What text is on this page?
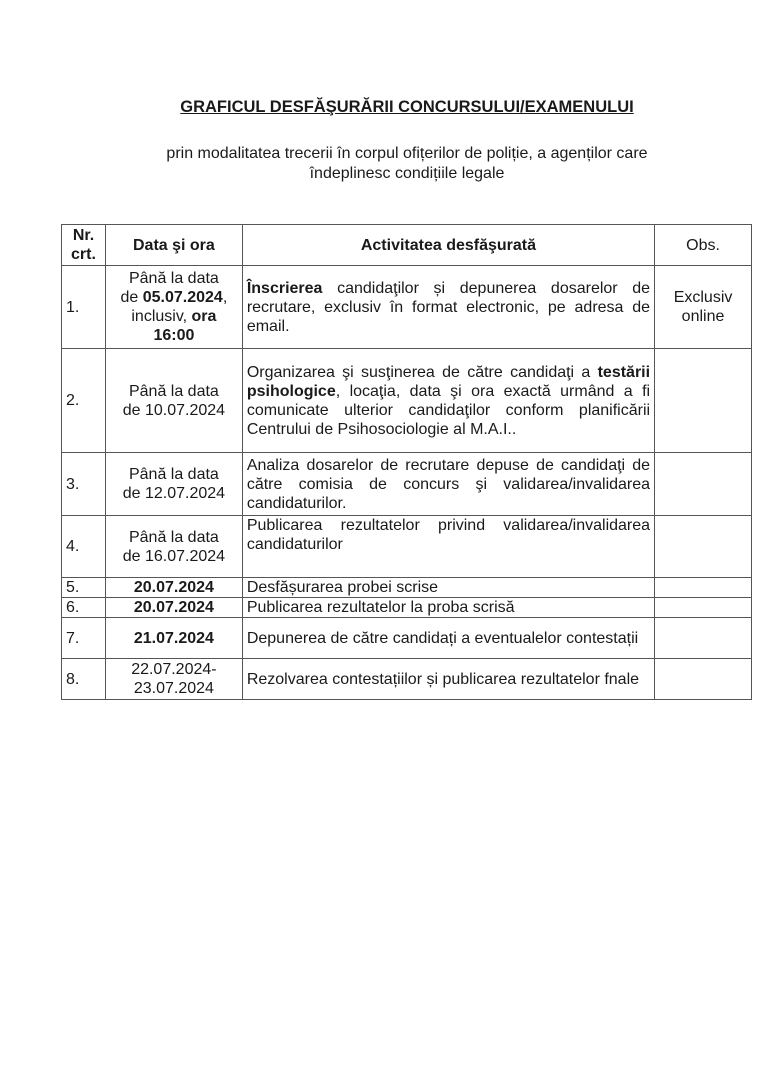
GRAFICUL DESFĂŞURĂRII CONCURSULUI/EXAMENULUI
prin modalitatea trecerii în corpul ofițerilor de poliție, a agenților care
îndeplinesc condițiile legale
Nr.
crt.	Data şi ora	Activitatea desfăşurată	Obs.
1.	Până la data
de 05.07.2024,
inclusiv, ora
16:00	Înscrierea candidaţilor și depunerea dosarelor de recrutare, exclusiv în format electronic, pe adresa de email.	Exclusiv
online
2.	Până la data
de 10.07.2024	Organizarea şi susţinerea de către candidaţi a testării psihologice, locaţia, data şi ora exactă urmând a fi comunicate ulterior candidaţilor conform planificării Centrului de Psihosociologie al M.A.I..	
3.	Până la data
de 12.07.2024	Analiza dosarelor de recrutare depuse de candidaţi de către comisia de concurs şi validarea/invalidarea candidaturilor.	
4.	Până la data
de 16.07.2024	Publicarea rezultatelor privind validarea/invalidarea candidaturilor	
5.	20.07.2024	Desfășurarea probei scrise	
6.	20.07.2024	Publicarea rezultatelor la proba scrisă	
7.	21.07.2024	Depunerea de către candidați a eventualelor contestații	
8.	22.07.2024-
23.07.2024	Rezolvarea contestațiilor și publicarea rezultatelor fnale	
